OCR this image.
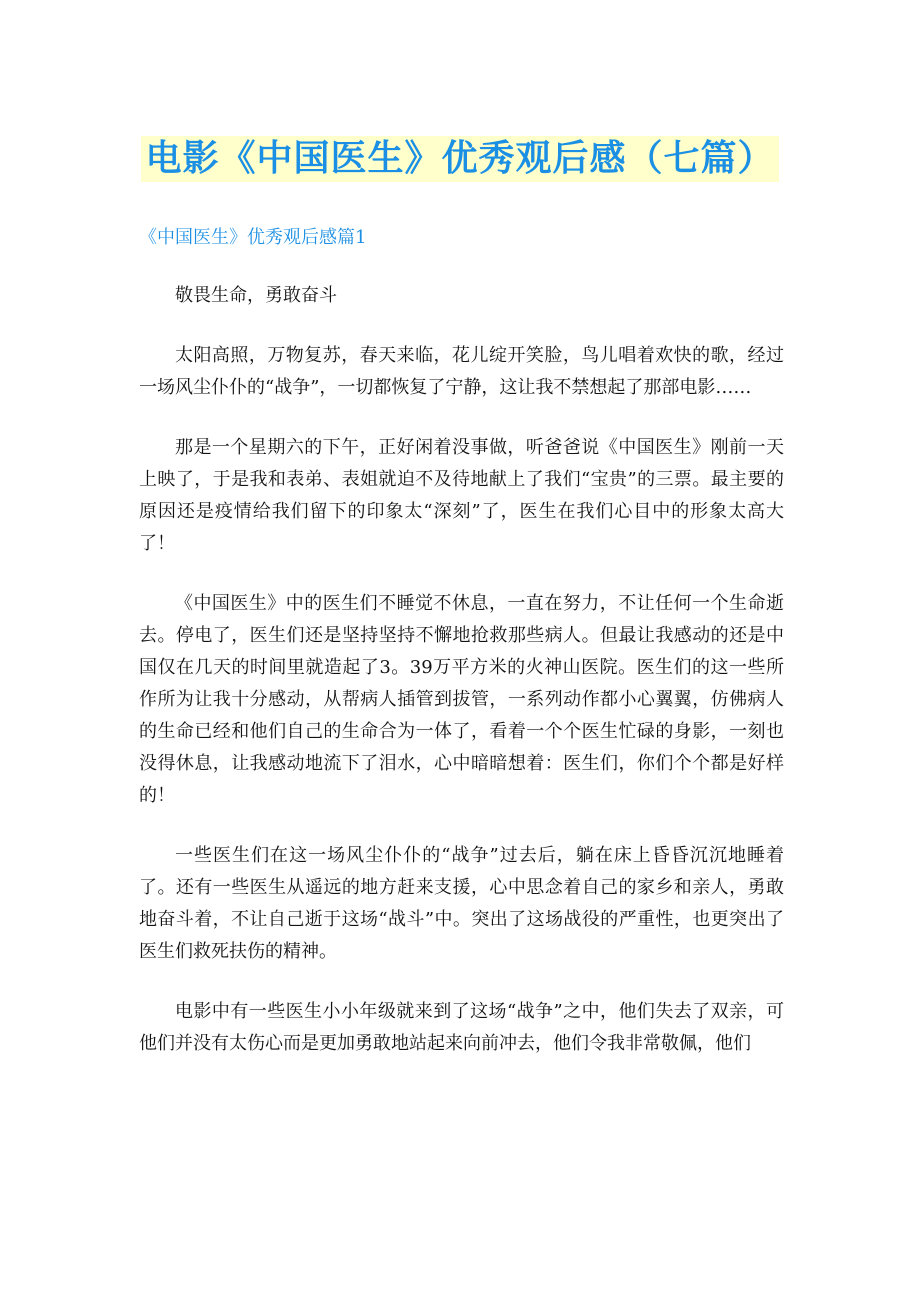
电影《中国医生》优秀观后感（七篇）
《中国医生》优秀观后感篇1

敬畏生命，勇敢奋斗

太阳高照，万物复苏，春天来临，花儿绽开笑脸，鸟儿唱着欢快的歌，经过一场风尘仆仆的“战争”，一切都恢复了宁静，这让我不禁想起了那部电影……

那是一个星期六的下午，正好闲着没事做，听爸爸说《中国医生》刚前一天上映了，于是我和表弟、表姐就迫不及待地献上了我们“宝贵”的三票。最主要的原因还是疫情给我们留下的印象太“深刻”了，医生在我们心目中的形象太高大了！

《中国医生》中的医生们不睡觉不休息，一直在努力，不让任何一个生命逝去。停电了，医生们还是坚持坚持不懈地抢救那些病人。但最让我感动的还是中国仅在几天的时间里就造起了3。39万平方米的火神山医院。医生们的这一些所作所为让我十分感动，从帮病人插管到拔管，一系列动作都小心翼翼，仿佛病人的生命已经和他们自己的生命合为一体了，看着一个个医生忙碌的身影，一刻也没得休息，让我感动地流下了泪水，心中暗暗想着：医生们，你们个个都是好样的！

一些医生们在这一场风尘仆仆的“战争”过去后，躺在床上昏昏沉沉地睡着了。还有一些医生从遥远的地方赶来支援，心中思念着自己的家乡和亲人，勇敢地奋斗着，不让自己逝于这场“战斗”中。突出了这场战役的严重性，也更突出了医生们救死扶伤的精神。

电影中有一些医生小小年级就来到了这场“战争”之中，他们失去了双亲，可他们并没有太伤心而是更加勇敢地站起来向前冲去，他们令我非常敬佩，他们
